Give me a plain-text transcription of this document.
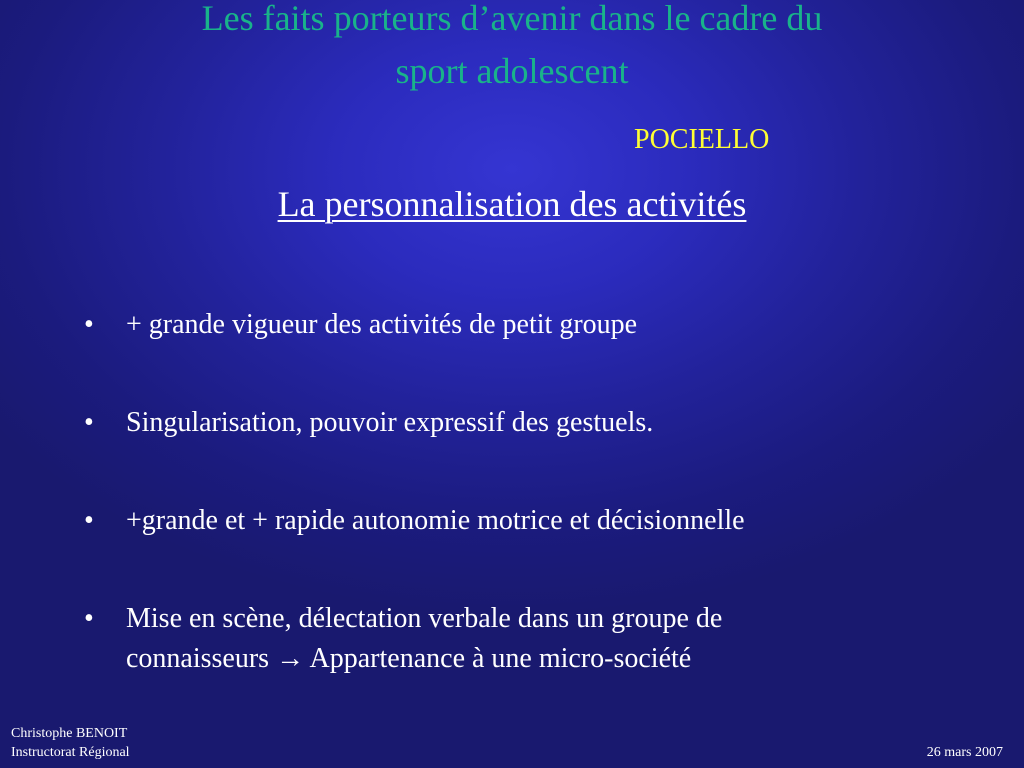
Les faits porteurs d’avenir dans le cadre du
sport adolescent
POCIELLO
La personnalisation des activités
•	+ grande vigueur des activités de petit groupe
•	Singularisation, pouvoir expressif des gestuels.
•	+grande et + rapide autonomie motrice et décisionnelle
•	Mise en scène, délectation verbale dans un groupe de
connaisseurs → Appartenance à une micro-société
Christophe BENOIT
Instructorat Régional	26 mars 2007
